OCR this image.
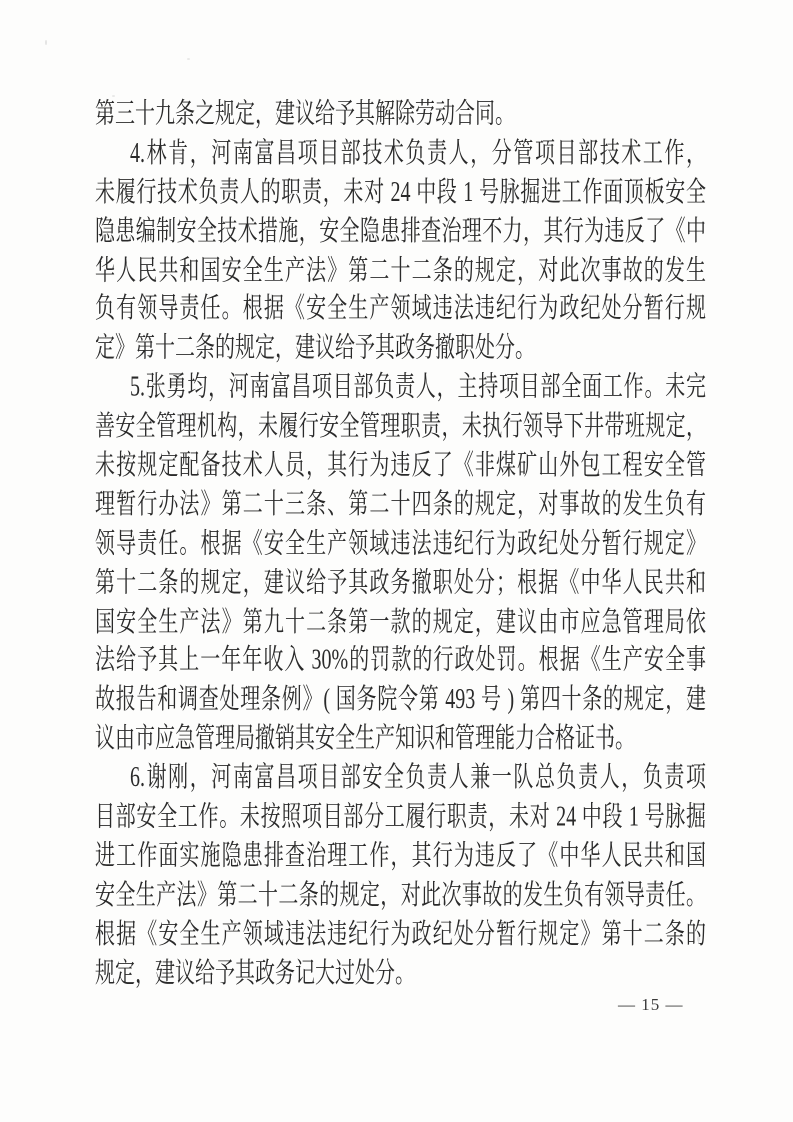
第三十九条之规定，建议给予其解除劳动合同。

4.林肯，河南富昌项目部技术负责人，分管项目部技术工作，

未履行技术负责人的职责，未对 24 中段 1 号脉掘进工作面顶板安全

隐患编制安全技术措施，安全隐患排查治理不力，其行为违反了《中

华人民共和国安全生产法》第二十二条的规定，对此次事故的发生

负有领导责任。根据《安全生产领域违法违纪行为政纪处分暂行规

定》第十二条的规定，建议给予其政务撤职处分。

5.张勇均，河南富昌项目部负责人，主持项目部全面工作。未完

善安全管理机构，未履行安全管理职责，未执行领导下井带班规定，

未按规定配备技术人员，其行为违反了《非煤矿山外包工程安全管

理暂行办法》第二十三条、第二十四条的规定，对事故的发生负有

领导责任。根据《安全生产领域违法违纪行为政纪处分暂行规定》

第十二条的规定，建议给予其政务撤职处分；根据《中华人民共和

国安全生产法》第九十二条第一款的规定，建议由市应急管理局依

法给予其上一年年收入 30%的罚款的行政处罚。根据《生产安全事

故报告和调查处理条例》( 国务院令第 493 号 ) 第四十条的规定，建

议由市应急管理局撤销其安全生产知识和管理能力合格证书。

6.谢刚，河南富昌项目部安全负责人兼一队总负责人，负责项

目部安全工作。未按照项目部分工履行职责，未对 24 中段 1 号脉掘

进工作面实施隐患排查治理工作，其行为违反了《中华人民共和国

安全生产法》第二十二条的规定，对此次事故的发生负有领导责任。

根据《安全生产领域违法违纪行为政纪处分暂行规定》第十二条的

规定，建议给予其政务记大过处分。

— 15 —
